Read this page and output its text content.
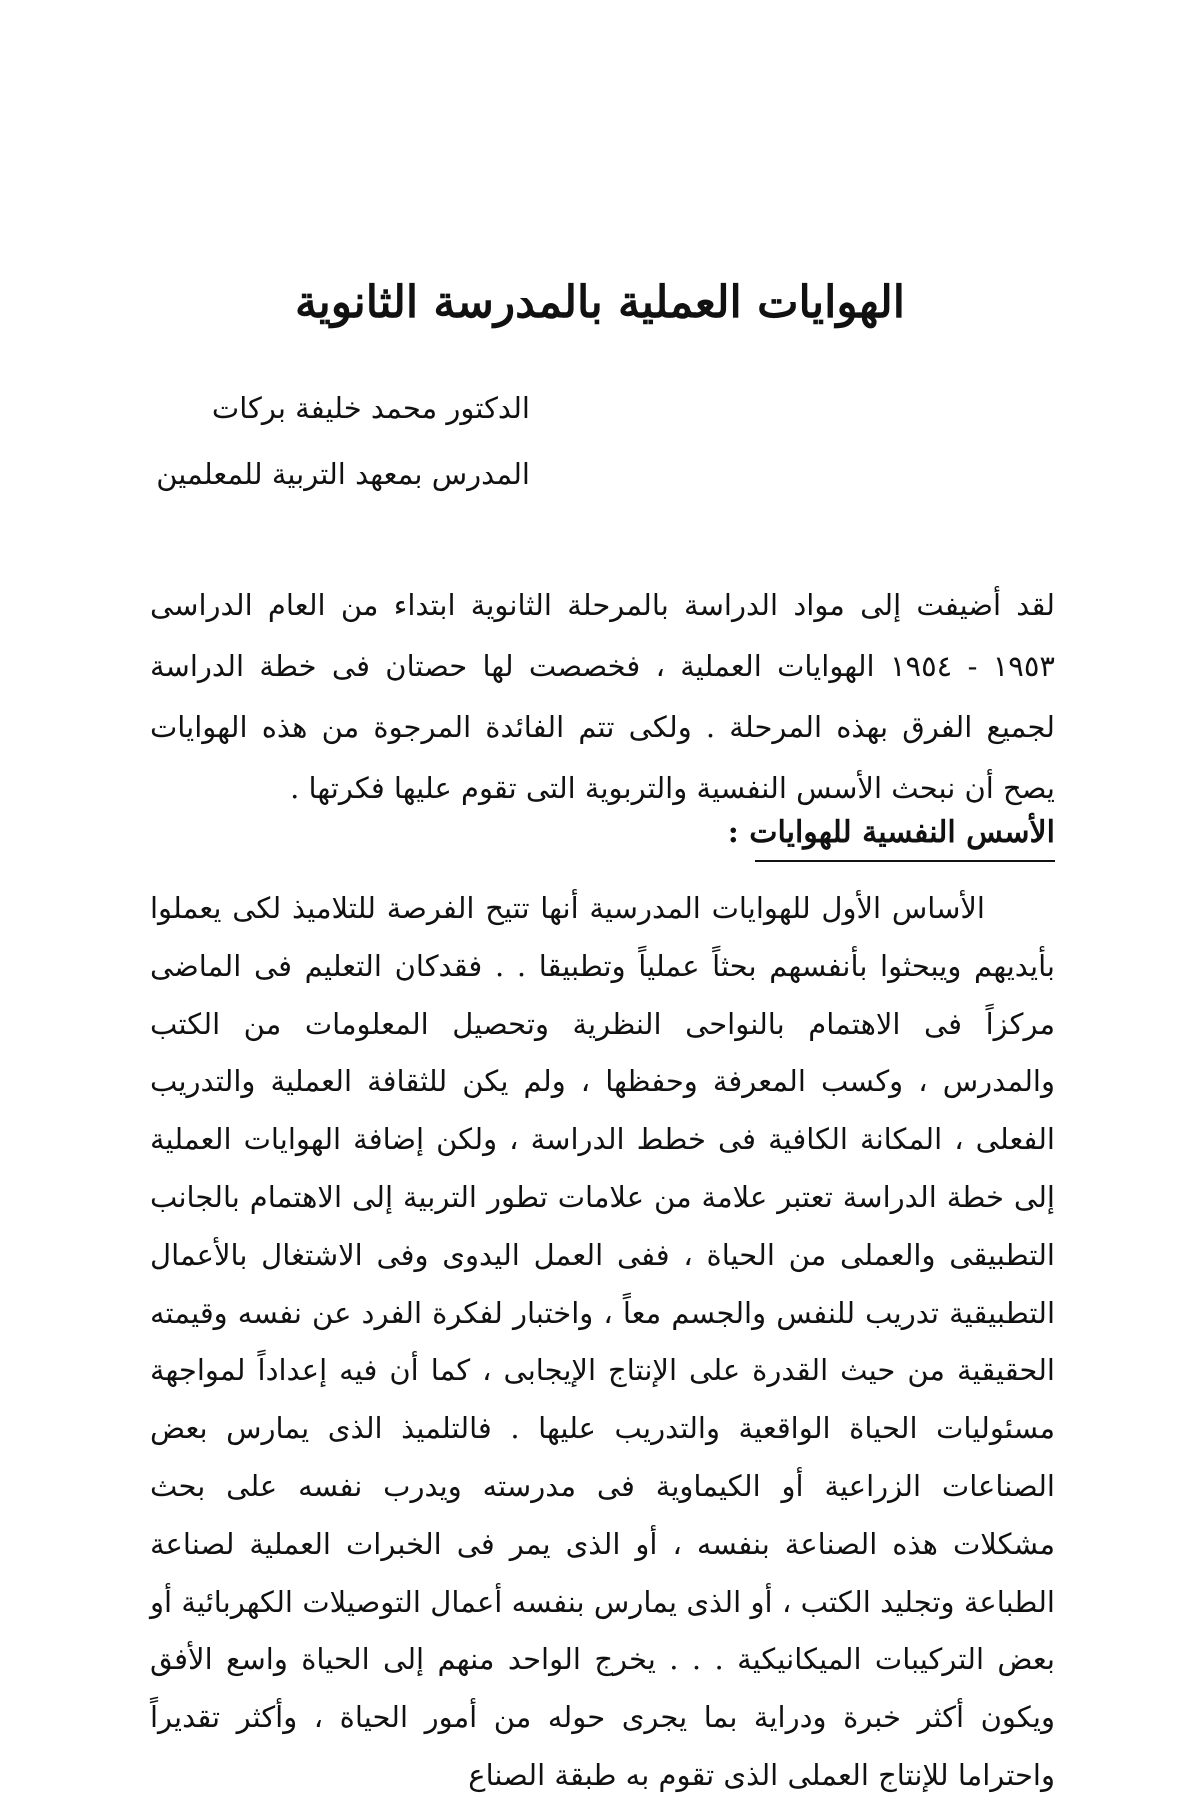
الهوايات العملية بالمدرسة الثانوية
الدكتور محمد خليفة بركات
المدرس بمعهد التربية للمعلمين

لقد أضيفت إلى مواد الدراسة بالمرحلة الثانوية ابتداء من العام الدراسى ١٩٥٣ - ١٩٥٤ الهوايات العملية ، فخصصت لها حصتان فى خطة الدراسة لجميع الفرق بهذه المرحلة . ولكى تتم الفائدة المرجوة من هذه الهوايات يصح أن نبحث الأسس النفسية والتربوية التى تقوم عليها فكرتها .

الأسس النفسية للهوايات :

الأساس الأول للهوايات المدرسية أنها تتيح الفرصة للتلاميذ لكى يعملوا بأيديهم ويبحثوا بأنفسهم بحثاً عملياً وتطبيقا . . فقدكان التعليم فى الماضى مركزاً فى الاهتمام بالنواحى النظرية وتحصيل المعلومات من الكتب والمدرس ، وكسب المعرفة وحفظها ، ولم يكن للثقافة العملية والتدريب الفعلى ، المكانة الكافية فى خطط الدراسة ، ولكن إضافة الهوايات العملية إلى خطة الدراسة تعتبر علامة من علامات تطور التربية إلى الاهتمام بالجانب التطبيقى والعملى من الحياة ، ففى العمل اليدوى وفى الاشتغال بالأعمال التطبيقية تدريب للنفس والجسم معاً ، واختبار لفكرة الفرد عن نفسه وقيمته الحقيقية من حيث القدرة على الإنتاج الإيجابى ، كما أن فيه إعداداً لمواجهة مسئوليات الحياة الواقعية والتدريب عليها . فالتلميذ الذى يمارس بعض الصناعات الزراعية أو الكيماوية فى مدرسته ويدرب نفسه على بحث مشكلات هذه الصناعة بنفسه ، أو الذى يمر فى الخبرات العملية لصناعة الطباعة وتجليد الكتب ، أو الذى يمارس بنفسه أعمال التوصيلات الكهربائية أو بعض التركيبات الميكانيكية . . . يخرج الواحد منهم إلى الحياة واسع الأفق ويكون أكثر خبرة ودراية بما يجرى حوله من أمور الحياة ، وأكثر تقديراً واحتراما للإنتاج العملى الذى تقوم به طبقة الصناع
